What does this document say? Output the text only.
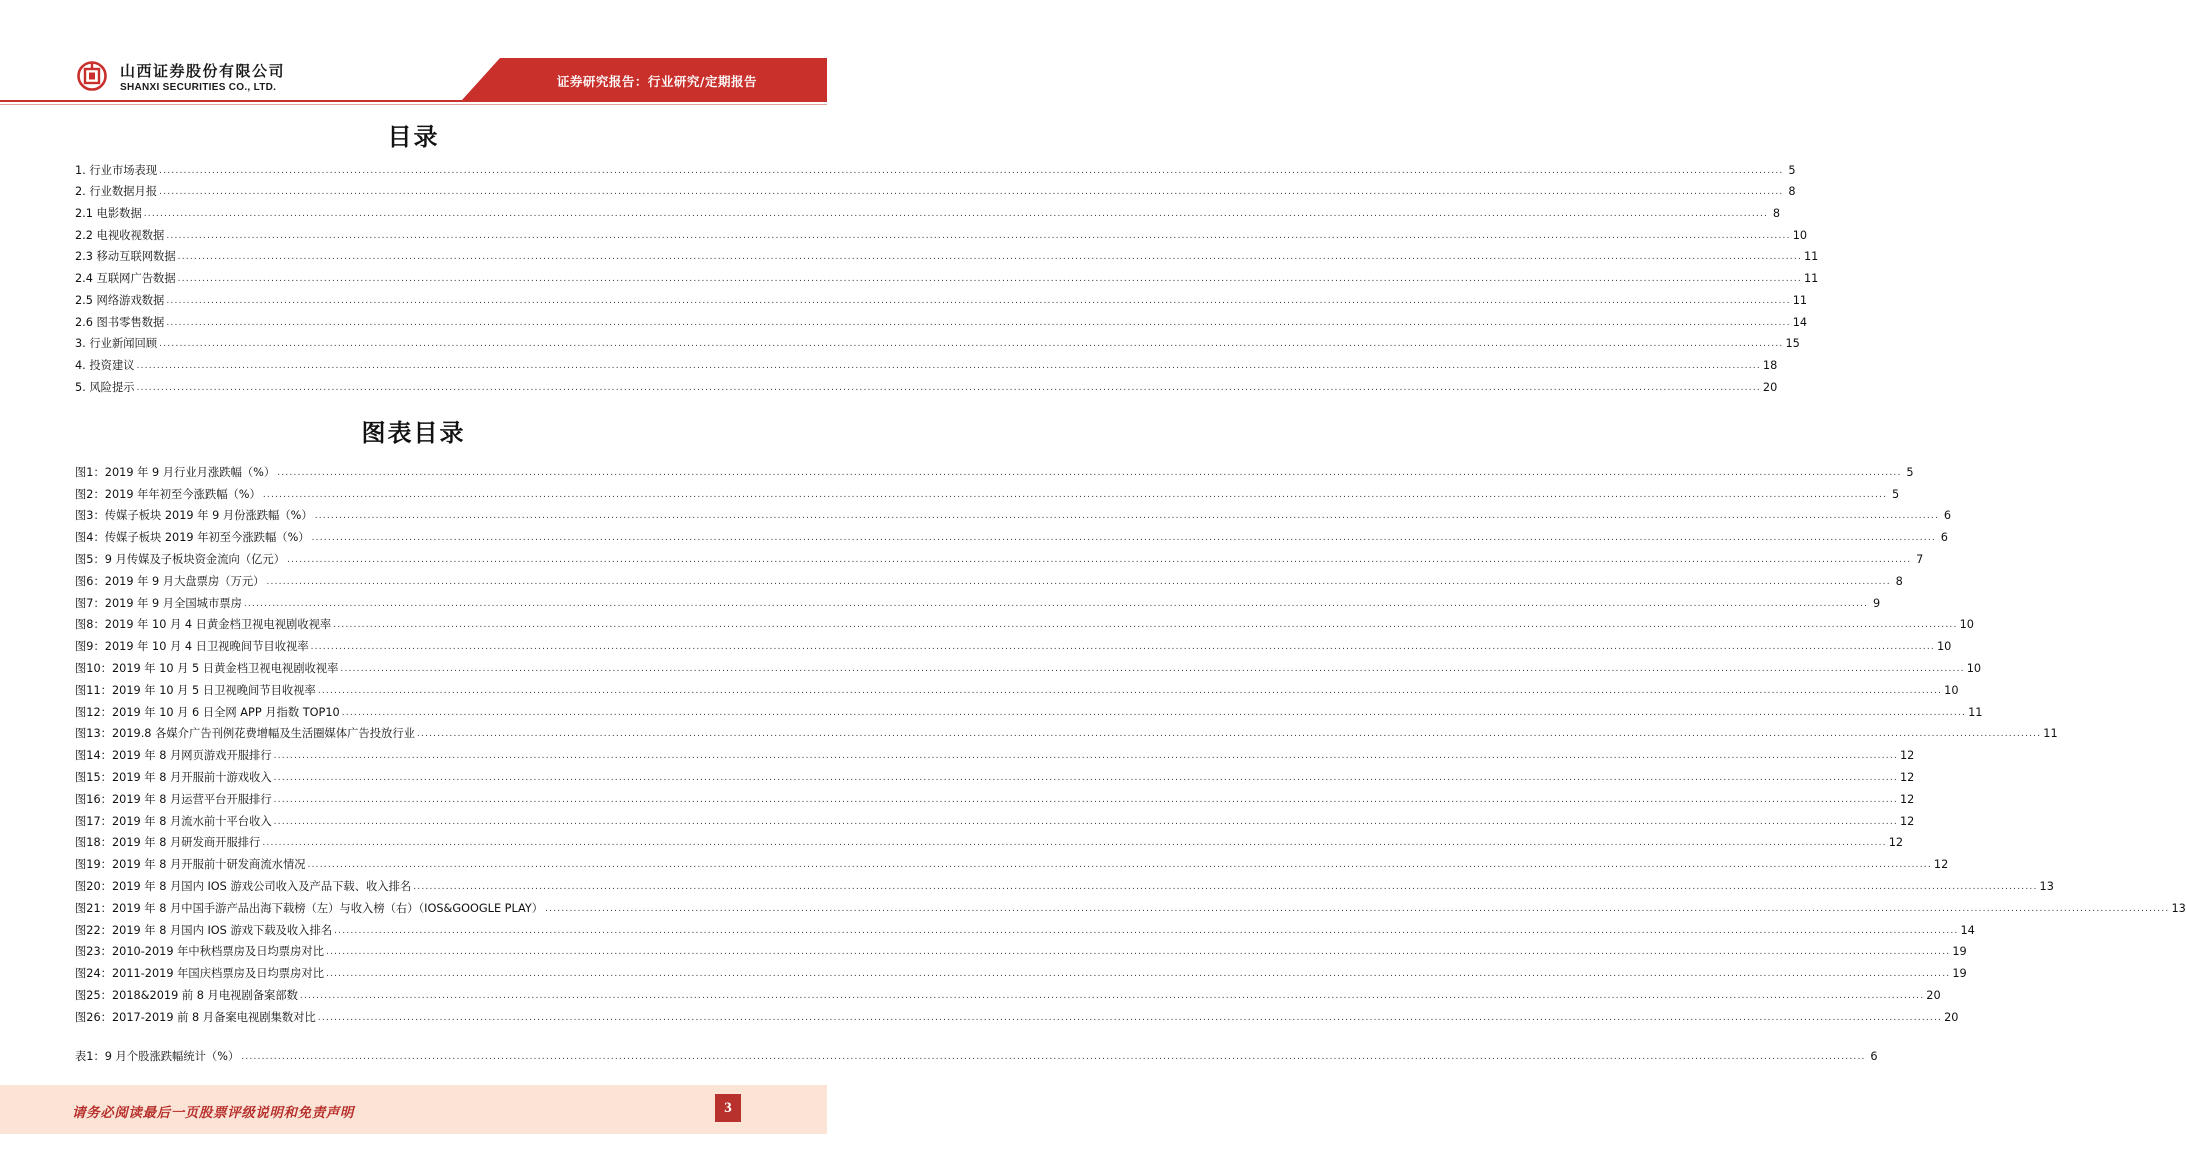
山西证券股份有限公司
SHANXI SECURITIES CO., LTD.	证券研究报告：行业研究/定期报告
目录
1. 行业市场表现 ................................................................................................................................................................................................................................................................................................................................................................................................................ 5
2. 行业数据月报 ................................................................................................................................................................................................................................................................................................................................................................................................................ 8
2.1 电影数据 ................................................................................................................................................................................................................................................................................................................................................................................................................ 8
2.2 电视收视数据 ................................................................................................................................................................................................................................................................................................................................................................................................................ 10
2.3 移动互联网数据 ................................................................................................................................................................................................................................................................................................................................................................................................................ 11
2.4 互联网广告数据 ................................................................................................................................................................................................................................................................................................................................................................................................................ 11
2.5 网络游戏数据 ................................................................................................................................................................................................................................................................................................................................................................................................................ 11
2.6 图书零售数据 ................................................................................................................................................................................................................................................................................................................................................................................................................ 14
3. 行业新闻回顾 ................................................................................................................................................................................................................................................................................................................................................................................................................ 15
4. 投资建议 ................................................................................................................................................................................................................................................................................................................................................................................................................ 18
5. 风险提示 ................................................................................................................................................................................................................................................................................................................................................................................................................ 20
图表目录
图1：2019 年 9 月行业月涨跌幅（%） ................................................................................................................................................................................................................................................................................................................................................................................................................ 5
图2：2019 年年初至今涨跌幅（%） ................................................................................................................................................................................................................................................................................................................................................................................................................ 5
图3：传媒子板块 2019 年 9 月份涨跌幅（%） ................................................................................................................................................................................................................................................................................................................................................................................................................ 6
图4：传媒子板块 2019 年初至今涨跌幅（%） ................................................................................................................................................................................................................................................................................................................................................................................................................ 6
图5：9 月传媒及子板块资金流向（亿元） ................................................................................................................................................................................................................................................................................................................................................................................................................ 7
图6：2019 年 9 月大盘票房（万元） ................................................................................................................................................................................................................................................................................................................................................................................................................ 8
图7：2019 年 9 月全国城市票房 ................................................................................................................................................................................................................................................................................................................................................................................................................ 9
图8：2019 年 10 月 4 日黄金档卫视电视剧收视率 ................................................................................................................................................................................................................................................................................................................................................................................................................ 10
图9：2019 年 10 月 4 日卫视晚间节目收视率 ................................................................................................................................................................................................................................................................................................................................................................................................................ 10
图10：2019 年 10 月 5 日黄金档卫视电视剧收视率 ................................................................................................................................................................................................................................................................................................................................................................................................................ 10
图11：2019 年 10 月 5 日卫视晚间节目收视率 ................................................................................................................................................................................................................................................................................................................................................................................................................ 10
图12：2019 年 10 月 6 日全网 APP 月指数 TOP10 ................................................................................................................................................................................................................................................................................................................................................................................................................ 11
图13：2019.8 各媒介广告刊例花费增幅及生活圈媒体广告投放行业 ................................................................................................................................................................................................................................................................................................................................................................................................................ 11
图14：2019 年 8 月网页游戏开服排行 ................................................................................................................................................................................................................................................................................................................................................................................................................ 12
图15：2019 年 8 月开服前十游戏收入 ................................................................................................................................................................................................................................................................................................................................................................................................................ 12
图16：2019 年 8 月运营平台开服排行 ................................................................................................................................................................................................................................................................................................................................................................................................................ 12
图17：2019 年 8 月流水前十平台收入 ................................................................................................................................................................................................................................................................................................................................................................................................................ 12
图18：2019 年 8 月研发商开服排行 ................................................................................................................................................................................................................................................................................................................................................................................................................ 12
图19：2019 年 8 月开服前十研发商流水情况 ................................................................................................................................................................................................................................................................................................................................................................................................................ 12
图20：2019 年 8 月国内 IOS 游戏公司收入及产品下载、收入排名 ................................................................................................................................................................................................................................................................................................................................................................................................................ 13
图21：2019 年 8 月中国手游产品出海下载榜（左）与收入榜（右）（IOS&GOOGLE PLAY） ................................................................................................................................................................................................................................................................................................................................................................................................................ 13
图22：2019 年 8 月国内 IOS 游戏下载及收入排名 ................................................................................................................................................................................................................................................................................................................................................................................................................ 14
图23：2010-2019 年中秋档票房及日均票房对比 ................................................................................................................................................................................................................................................................................................................................................................................................................ 19
图24：2011-2019 年国庆档票房及日均票房对比 ................................................................................................................................................................................................................................................................................................................................................................................................................ 19
图25：2018&2019 前 8 月电视剧备案部数 ................................................................................................................................................................................................................................................................................................................................................................................................................ 20
图26：2017-2019 前 8 月备案电视剧集数对比 ................................................................................................................................................................................................................................................................................................................................................................................................................ 20
表1：9 月个股涨跌幅统计（%） ................................................................................................................................................................................................................................................................................................................................................................................................................ 6
请务必阅读最后一页股票评级说明和免责声明	3
